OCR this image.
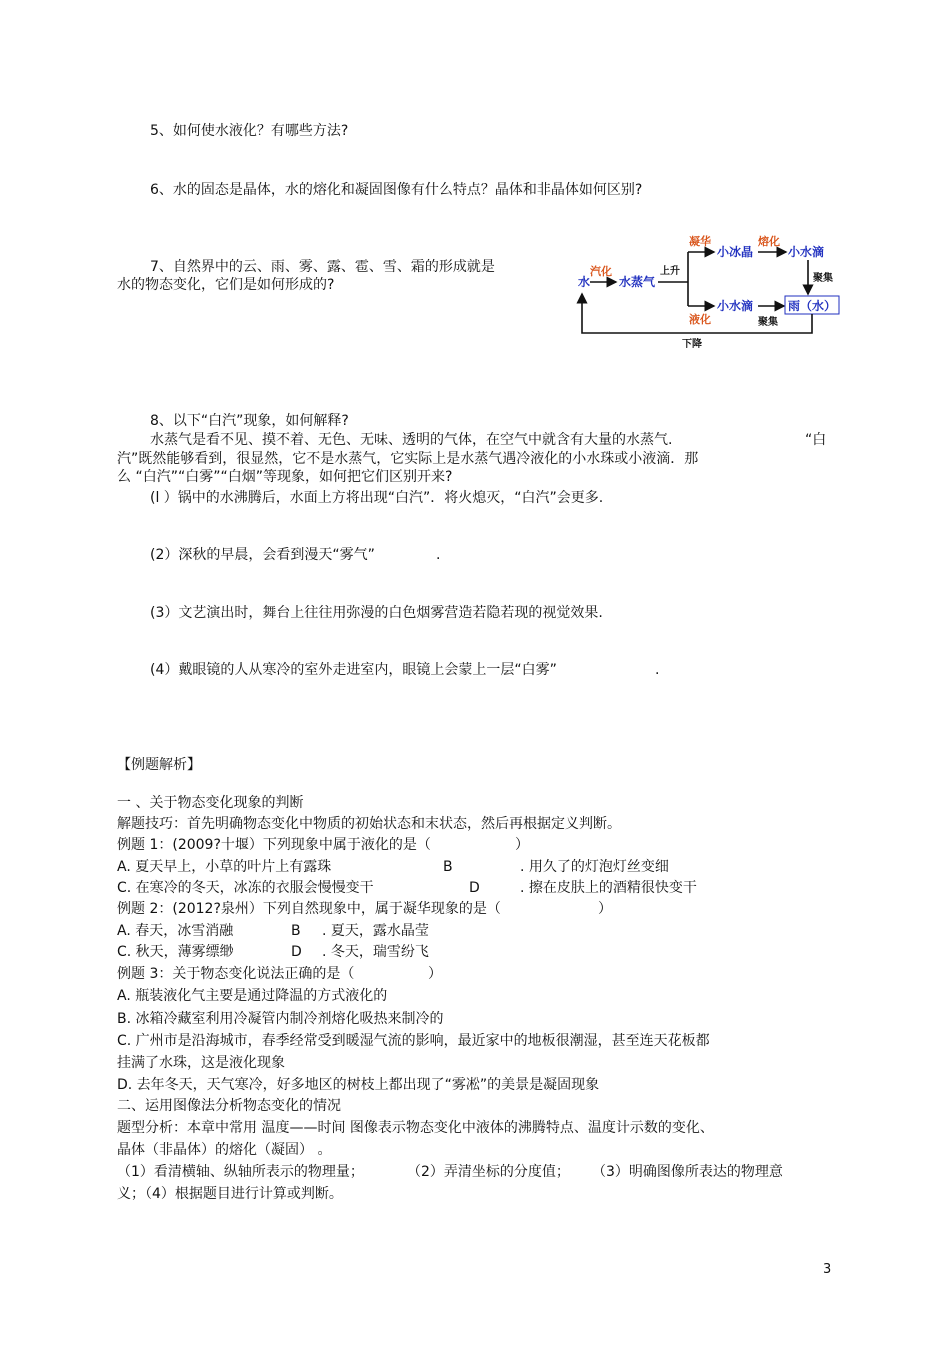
5、如何使水液化？有哪些方法?
6、水的固态是晶体，水的熔化和凝固图像有什么特点？晶体和非晶体如何区别?
7、自然界中的云、雨、雾、露、雹、雪、霜的形成就是
水的物态变化，它们是如何形成的?	水
汽化
水蒸气
上升
凝华
小冰晶
熔化
小水滴
聚集
液化
小水滴
聚集
雨（水）
下降
8、以下“白汽”现象，如何解释?
水蒸气是看不见、摸不着、无色、无味、透明的气体，在空气中就含有大量的水蒸气.	“白
汽”既然能够看到，很显然，它不是水蒸气，它实际上是水蒸气遇冷液化的小水珠或小液滴．那
么 “白汽”“白雾”“白烟”等现象，如何把它们区别开来?
(l ）锅中的水沸腾后，水面上方将出现“白汽”．将火熄灭，“白汽”会更多.
(2）深秋的早晨，会看到漫天“雾气”	.
(3）文艺演出时，舞台上往往用弥漫的白色烟雾营造若隐若现的视觉效果.
(4）戴眼镜的人从寒冷的室外走进室内，眼镜上会蒙上一层“白雾”	.
【例题解析】
一 、关于物态变化现象的判断
解题技巧：首先明确物态变化中物质的初始状态和末状态，然后再根据定义判断。
例题 1：(2009?十堰）下列现象中属于液化的是（	）
A. 夏天早上，小草的叶片上有露珠	B	. 用久了的灯泡灯丝变细
C. 在寒冷的冬天，冰冻的衣服会慢慢变干	D	. 擦在皮肤上的酒精很快变干
例题 2：(2012?泉州）下列自然现象中，属于凝华现象的是（	）
A. 春天，冰雪消融	B . 夏天，露水晶莹
C. 秋天，薄雾缥缈	D . 冬天，瑞雪纷飞
例题 3：关于物态变化说法正确的是（	）
A. 瓶装液化气主要是通过降温的方式液化的
B. 冰箱冷藏室利用冷凝管内制冷剂熔化吸热来制冷的
C. 广州市是沿海城市，春季经常受到暖湿气流的影响，最近家中的地板很潮湿，甚至连天花板都
挂满了水珠，这是液化现象
D. 去年冬天，天气寒冷，好多地区的树枝上都出现了“雾凇”的美景是凝固现象
二、运用图像法分析物态变化的情况
题型分析：本章中常用 温度——时间 图像表示物态变化中液体的沸腾特点、温度计示数的变化、
晶体（非晶体）的熔化（凝固） 。
（1）看清横轴、纵轴所表示的物理量；	（2）弄清坐标的分度值； （3）明确图像所表达的物理意
义；（4）根据题目进行计算或判断。
3
